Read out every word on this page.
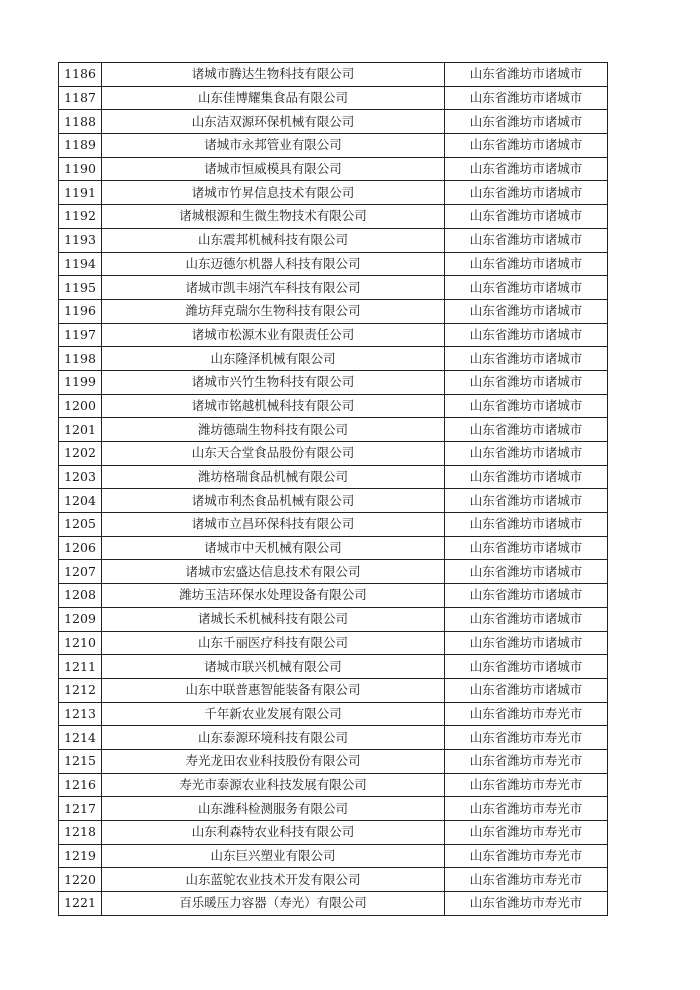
1186	诸城市腾达生物科技有限公司	山东省潍坊市诸城市
1187	山东佳博耀集食品有限公司	山东省潍坊市诸城市
1188	山东洁双源环保机械有限公司	山东省潍坊市诸城市
1189	诸城市永邦管业有限公司	山东省潍坊市诸城市
1190	诸城市恒威模具有限公司	山东省潍坊市诸城市
1191	诸城市竹昇信息技术有限公司	山东省潍坊市诸城市
1192	诸城根源和生微生物技术有限公司	山东省潍坊市诸城市
1193	山东震邦机械科技有限公司	山东省潍坊市诸城市
1194	山东迈德尔机器人科技有限公司	山东省潍坊市诸城市
1195	诸城市凯丰翊汽车科技有限公司	山东省潍坊市诸城市
1196	潍坊拜克瑞尔生物科技有限公司	山东省潍坊市诸城市
1197	诸城市松源木业有限责任公司	山东省潍坊市诸城市
1198	山东隆泽机械有限公司	山东省潍坊市诸城市
1199	诸城市兴竹生物科技有限公司	山东省潍坊市诸城市
1200	诸城市铭越机械科技有限公司	山东省潍坊市诸城市
1201	潍坊德瑞生物科技有限公司	山东省潍坊市诸城市
1202	山东天合堂食品股份有限公司	山东省潍坊市诸城市
1203	潍坊格瑞食品机械有限公司	山东省潍坊市诸城市
1204	诸城市利杰食品机械有限公司	山东省潍坊市诸城市
1205	诸城市立昌环保科技有限公司	山东省潍坊市诸城市
1206	诸城市中天机械有限公司	山东省潍坊市诸城市
1207	诸城市宏盛达信息技术有限公司	山东省潍坊市诸城市
1208	潍坊玉洁环保水处理设备有限公司	山东省潍坊市诸城市
1209	诸城长禾机械科技有限公司	山东省潍坊市诸城市
1210	山东千丽医疗科技有限公司	山东省潍坊市诸城市
1211	诸城市联兴机械有限公司	山东省潍坊市诸城市
1212	山东中联普惠智能装备有限公司	山东省潍坊市诸城市
1213	千年新农业发展有限公司	山东省潍坊市寿光市
1214	山东泰源环境科技有限公司	山东省潍坊市寿光市
1215	寿光龙田农业科技股份有限公司	山东省潍坊市寿光市
1216	寿光市泰源农业科技发展有限公司	山东省潍坊市寿光市
1217	山东潍科检测服务有限公司	山东省潍坊市寿光市
1218	山东利森特农业科技有限公司	山东省潍坊市寿光市
1219	山东巨兴塑业有限公司	山东省潍坊市寿光市
1220	山东蓝鸵农业技术开发有限公司	山东省潍坊市寿光市
1221	百乐暖压力容器（寿光）有限公司	山东省潍坊市寿光市
